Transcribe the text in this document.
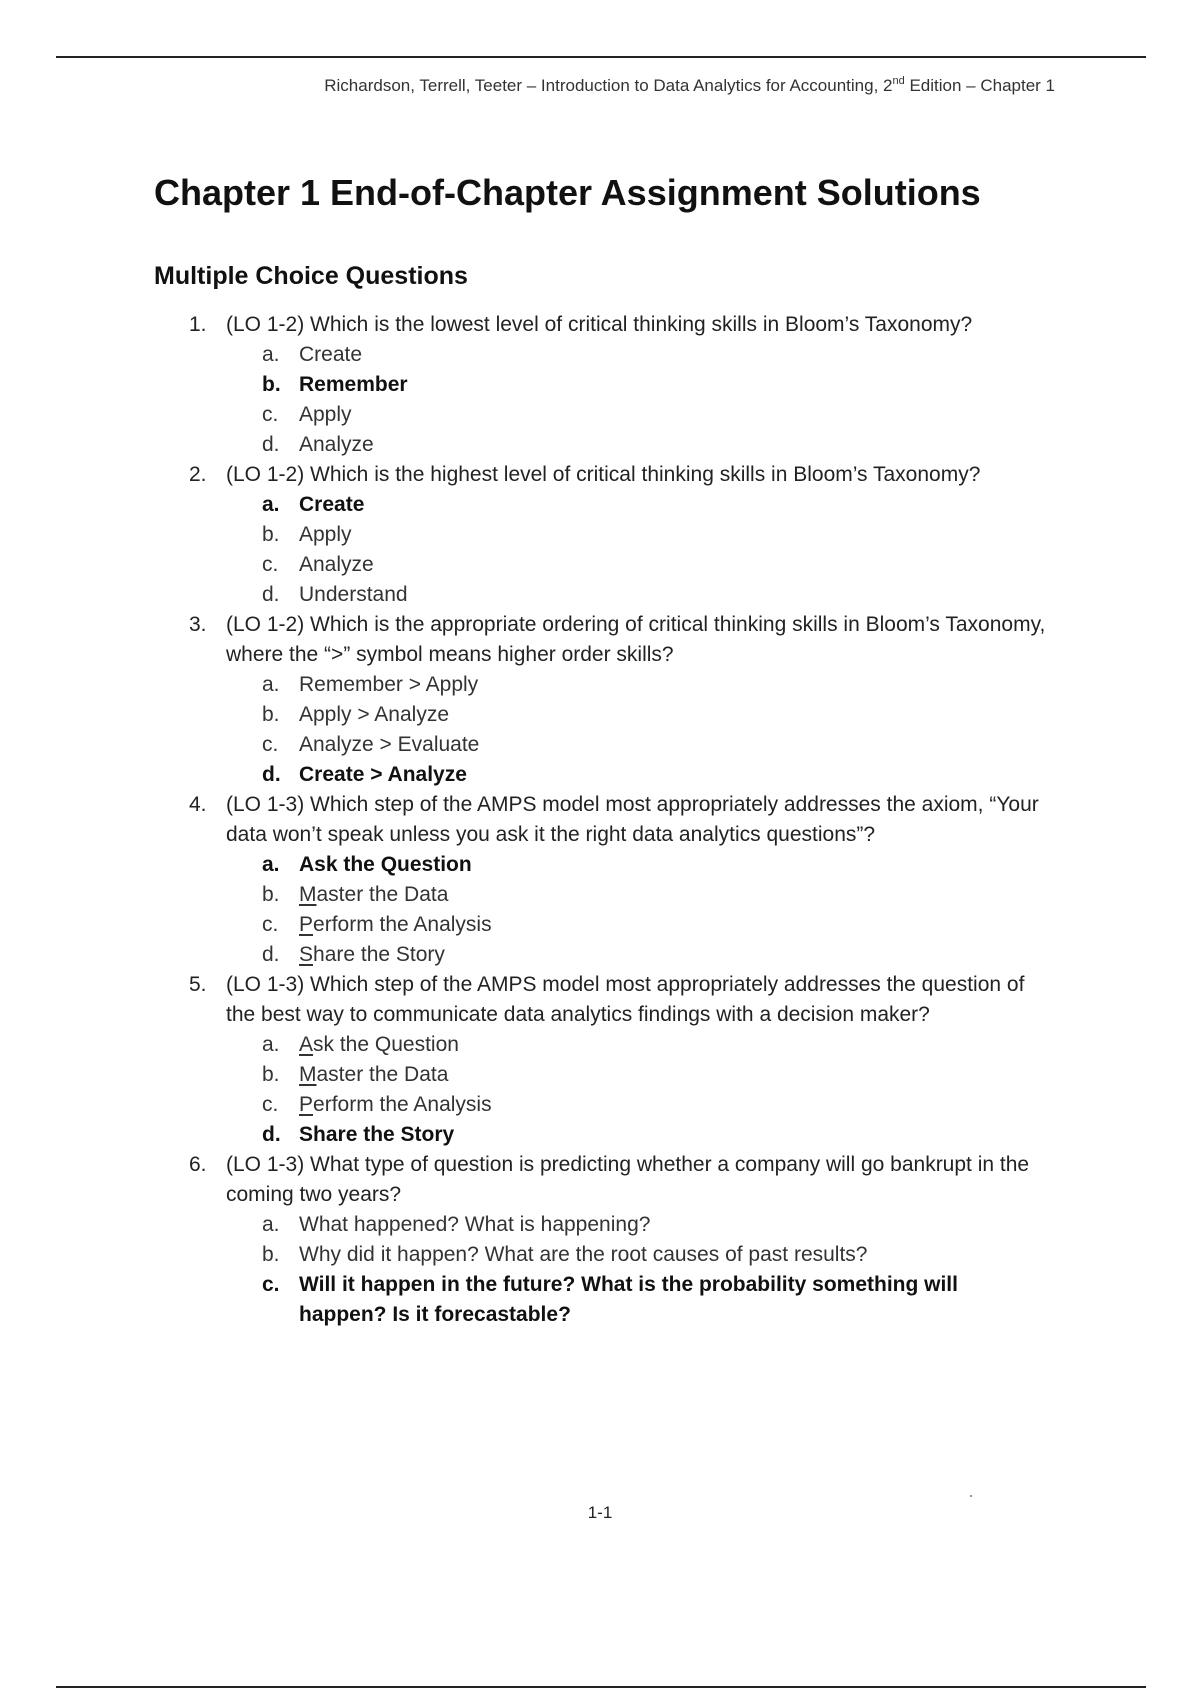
Richardson, Terrell, Teeter – Introduction to Data Analytics for Accounting, 2nd Edition – Chapter 1
Chapter 1 End-of-Chapter Assignment Solutions
Multiple Choice Questions
1. (LO 1-2) Which is the lowest level of critical thinking skills in Bloom’s Taxonomy?
a. Create
b. Remember
c. Apply
d. Analyze
2. (LO 1-2) Which is the highest level of critical thinking skills in Bloom’s Taxonomy?
a. Create
b. Apply
c. Analyze
d. Understand
3. (LO 1-2) Which is the appropriate ordering of critical thinking skills in Bloom’s Taxonomy, where the “>” symbol means higher order skills?
a. Remember > Apply
b. Apply > Analyze
c. Analyze > Evaluate
d. Create > Analyze
4. (LO 1-3) Which step of the AMPS model most appropriately addresses the axiom, “Your data won’t speak unless you ask it the right data analytics questions”?
a. Ask the Question
b. Master the Data
c. Perform the Analysis
d. Share the Story
5. (LO 1-3) Which step of the AMPS model most appropriately addresses the question of the best way to communicate data analytics findings with a decision maker?
a. Ask the Question
b. Master the Data
c. Perform the Analysis
d. Share the Story
6. (LO 1-3) What type of question is predicting whether a company will go bankrupt in the coming two years?
a. What happened? What is happening?
b. Why did it happen? What are the root causes of past results?
c. Will it happen in the future? What is the probability something will happen? Is it forecastable?
1-1
